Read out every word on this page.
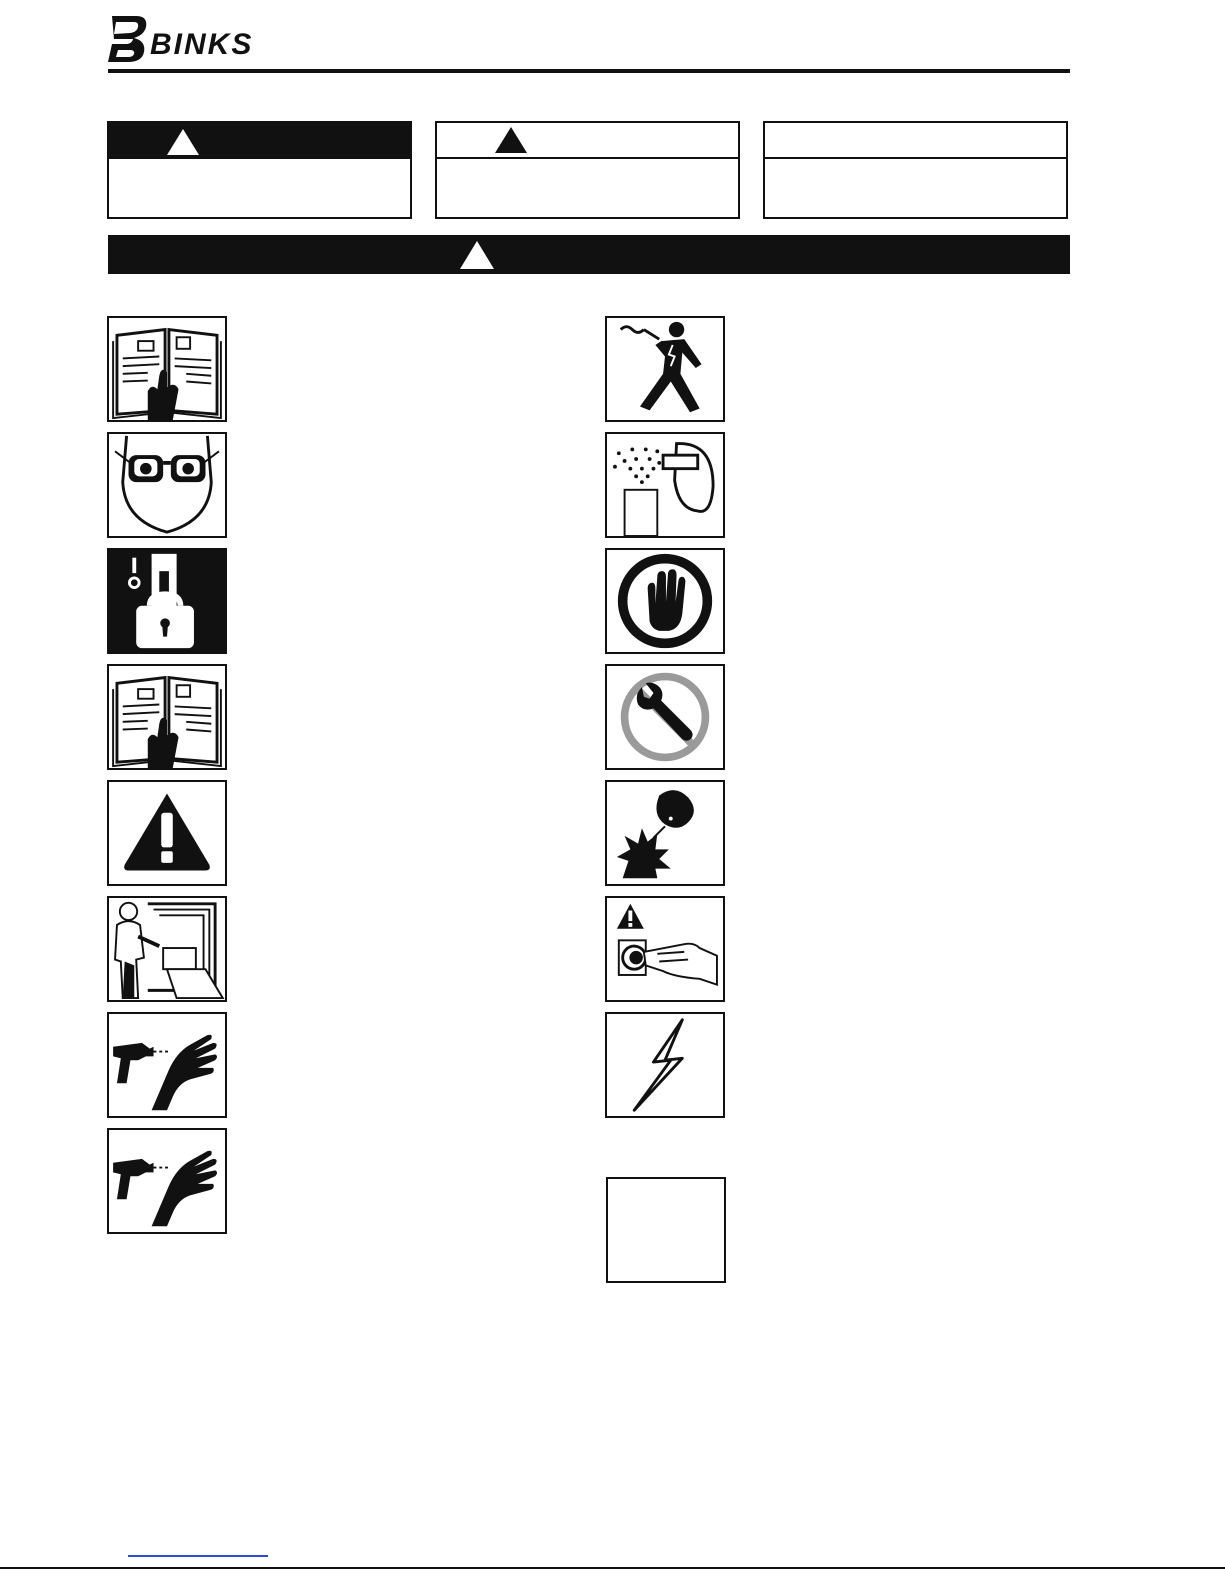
BINKS
